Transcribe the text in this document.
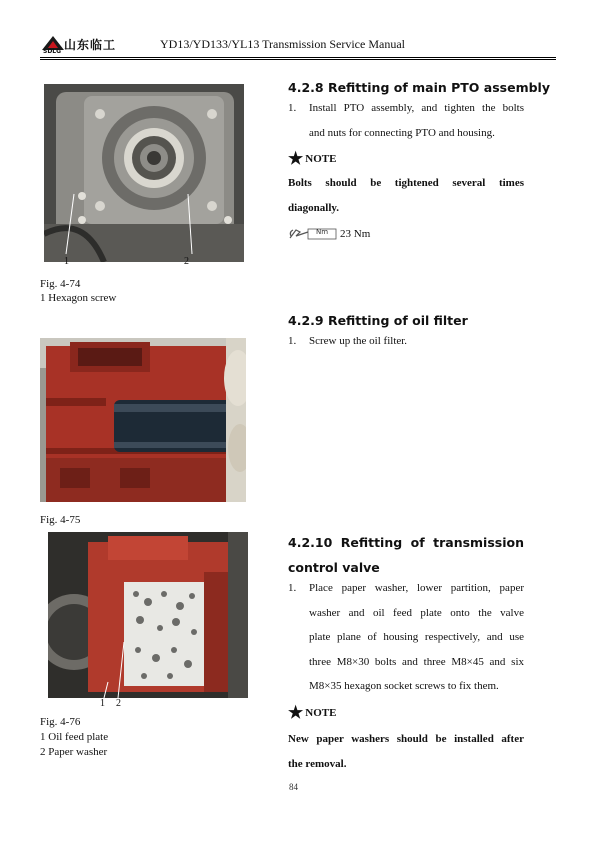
山东临工
SDLG
YD13/YD133/YL13 Transmission Service Manual
1	2
Fig. 4-74
1 Hexagon screw
Fig. 4-75
1 2
Fig. 4-76
1 Oil feed plate
2 Paper washer
4.2.8 Refitting of main PTO assembly
1. Install PTO assembly, and tighten the bolts
and nuts for connecting PTO and housing.
★ NOTE
Bolts should be tightened several times
diagonally.
Nm 23 Nm
4.2.9 Refitting of oil filter
1. Screw up the oil filter.
4.2.10 Refitting of transmission
control valve
1. Place paper washer, lower partition, paper
washer and oil feed plate onto the valve
plate plane of housing respectively, and use
three M8×30 bolts and three M8×45 and six
M8×35 hexagon socket screws to fix them.
★ NOTE
New paper washers should be installed after
the removal.
84
